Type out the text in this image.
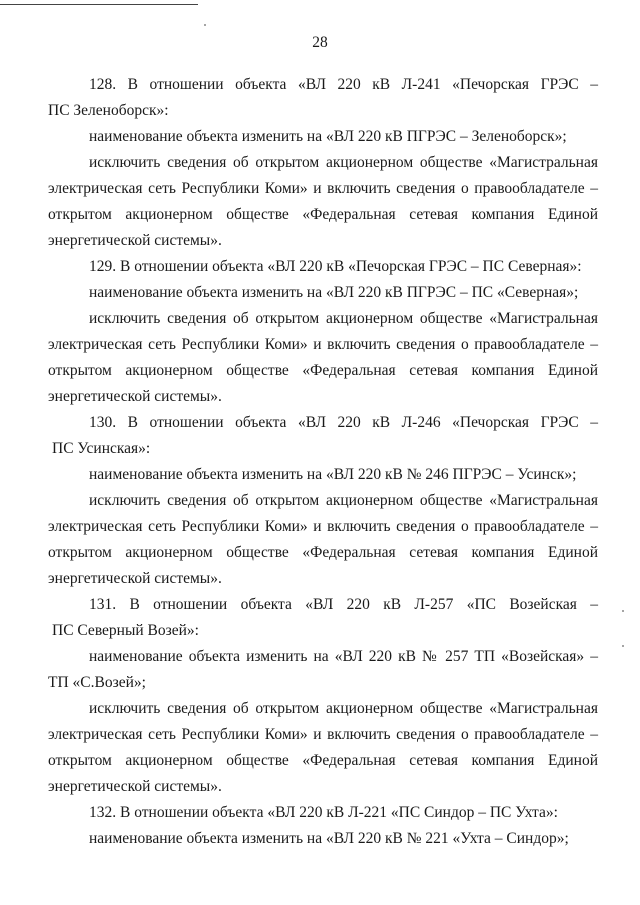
28
128. В отношении объекта «ВЛ 220 кВ Л-241 «Печорская ГРЭС –
ПС Зеленоборск»:
наименование объекта изменить на «ВЛ 220 кВ ПГРЭС – Зеленоборск»;
исключить сведения об открытом акционерном обществе «Магистральная
электрическая сеть Республики Коми» и включить сведения о правообладателе –
открытом акционерном обществе «Федеральная сетевая компания Единой
энергетической системы».
129. В отношении объекта «ВЛ 220 кВ «Печорская ГРЭС – ПС Северная»:
наименование объекта изменить на «ВЛ 220 кВ ПГРЭС – ПС «Северная»;
исключить сведения об открытом акционерном обществе «Магистральная
электрическая сеть Республики Коми» и включить сведения о правообладателе –
открытом акционерном обществе «Федеральная сетевая компания Единой
энергетической системы».
130. В отношении объекта «ВЛ 220 кВ Л-246 «Печорская ГРЭС –
ПС Усинская»:
наименование объекта изменить на «ВЛ 220 кВ № 246 ПГРЭС – Усинск»;
исключить сведения об открытом акционерном обществе «Магистральная
электрическая сеть Республики Коми» и включить сведения о правообладателе –
открытом акционерном обществе «Федеральная сетевая компания Единой
энергетической системы».
131. В отношении объекта «ВЛ 220 кВ Л-257 «ПС Возейская –
ПС Северный Возей»:
наименование объекта изменить на «ВЛ 220 кВ № 257 ТП «Возейская» –
ТП «С.Возей»;
исключить сведения об открытом акционерном обществе «Магистральная
электрическая сеть Республики Коми» и включить сведения о правообладателе –
открытом акционерном обществе «Федеральная сетевая компания Единой
энергетической системы».
132. В отношении объекта «ВЛ 220 кВ Л-221 «ПС Синдор – ПС Ухта»:
наименование объекта изменить на «ВЛ 220 кВ № 221 «Ухта – Синдор»;
